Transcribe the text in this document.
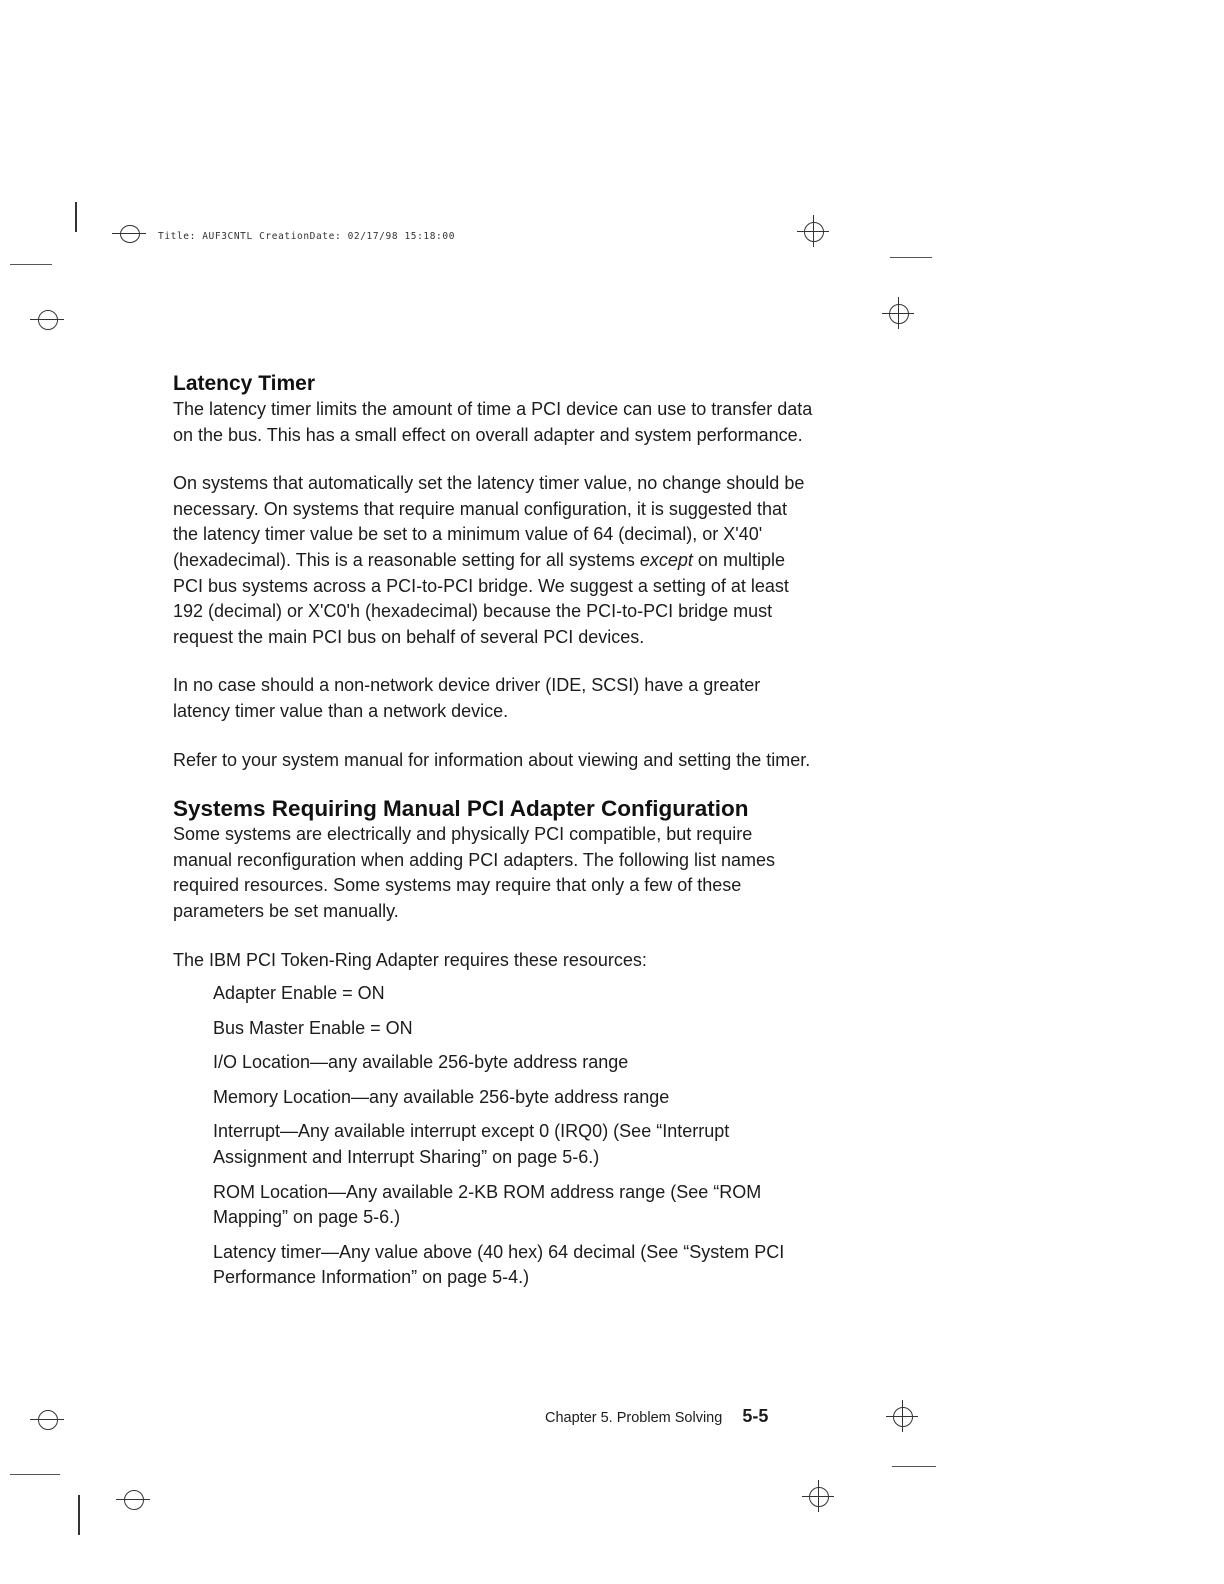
Title: AUF3CNTL CreationDate: 02/17/98 15:18:00
Latency Timer

The latency timer limits the amount of time a PCI device can use to transfer data on the bus. This has a small effect on overall adapter and system performance.

On systems that automatically set the latency timer value, no change should be necessary. On systems that require manual configuration, it is suggested that the latency timer value be set to a minimum value of 64 (decimal), or X'40' (hexadecimal). This is a reasonable setting for all systems except on multiple PCI bus systems across a PCI-to-PCI bridge. We suggest a setting of at least 192 (decimal) or X'C0'h (hexadecimal) because the PCI-to-PCI bridge must request the main PCI bus on behalf of several PCI devices.

In no case should a non-network device driver (IDE, SCSI) have a greater latency timer value than a network device.

Refer to your system manual for information about viewing and setting the timer.

Systems Requiring Manual PCI Adapter Configuration

Some systems are electrically and physically PCI compatible, but require manual reconfiguration when adding PCI adapters. The following list names required resources. Some systems may require that only a few of these parameters be set manually.

The IBM PCI Token-Ring Adapter requires these resources:

Adapter Enable = ON
Bus Master Enable = ON
I/O Location—any available 256-byte address range
Memory Location—any available 256-byte address range
Interrupt—Any available interrupt except 0 (IRQ0) (See “Interrupt Assignment and Interrupt Sharing” on page 5-6.)
ROM Location—Any available 2-KB ROM address range (See “ROM Mapping” on page 5-6.)
Latency timer—Any value above (40 hex) 64 decimal (See “System PCI Performance Information” on page 5-4.)
Chapter 5. Problem Solving 5-5
